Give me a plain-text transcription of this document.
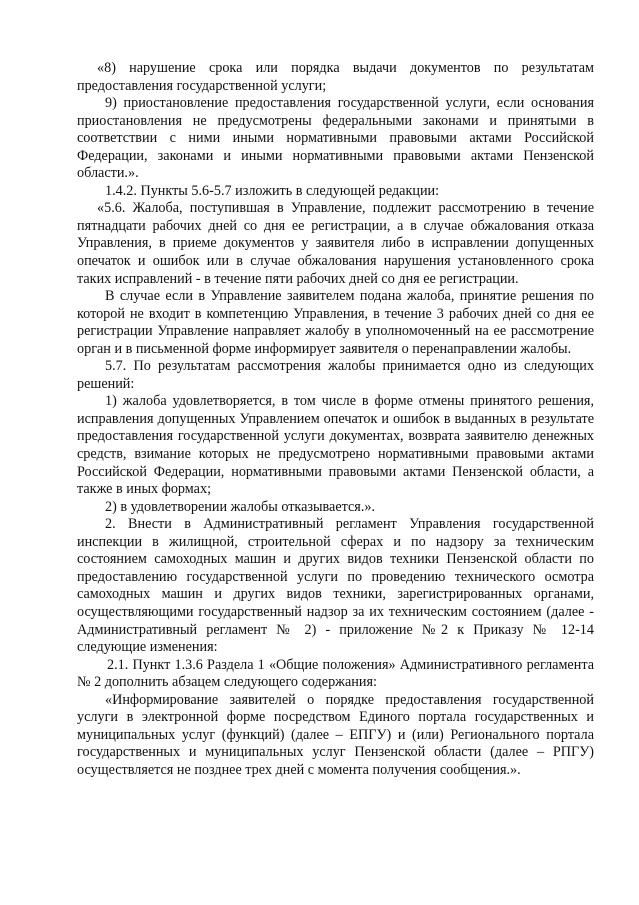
«8) нарушение срока или порядка выдачи документов по результатам предоставления государственной услуги;

9) приостановление предоставления государственной услуги, если основания приостановления не предусмотрены федеральными законами и принятыми в соответствии с ними иными нормативными правовыми актами Российской Федерации, законами и иными нормативными правовыми актами Пензенской области.».

1.4.2. Пункты 5.6-5.7 изложить в следующей редакции:

«5.6. Жалоба, поступившая в Управление, подлежит рассмотрению в течение пятнадцати рабочих дней со дня ее регистрации, а в случае обжалования отказа Управления, в приеме документов у заявителя либо в исправлении допущенных опечаток и ошибок или в случае обжалования нарушения установленного срока таких исправлений - в течение пяти рабочих дней со дня ее регистрации.

В случае если в Управление заявителем подана жалоба, принятие решения по которой не входит в компетенцию Управления, в течение 3 рабочих дней со дня ее регистрации Управление направляет жалобу в уполномоченный на ее рассмотрение орган и в письменной форме информирует заявителя о перенаправлении жалобы.

5.7. По результатам рассмотрения жалобы принимается одно из следующих решений:

1) жалоба удовлетворяется, в том числе в форме отмены принятого решения, исправления допущенных Управлением опечаток и ошибок в выданных в результате предоставления государственной услуги документах, возврата заявителю денежных средств, взимание которых не предусмотрено нормативными правовыми актами Российской Федерации, нормативными правовыми актами Пензенской области, а также в иных формах;

2) в удовлетворении жалобы отказывается.».

2. Внести в Административный регламент Управления государственной инспекции в жилищной, строительной сферах и по надзору за техническим состоянием самоходных машин и других видов техники Пензенской области по предоставлению государственной услуги по проведению технического осмотра самоходных машин и других видов техники, зарегистрированных органами, осуществляющими государственный надзор за их техническим состоянием (далее - Административный регламент № 2) - приложение №2 к Приказу № 12-14 следующие изменения:

2.1. Пункт 1.3.6 Раздела 1 «Общие положения» Административного регламента № 2 дополнить абзацем следующего содержания:

«Информирование заявителей о порядке предоставления государственной услуги в электронной форме посредством Единого портала государственных и муниципальных услуг (функций) (далее – ЕПГУ) и (или) Регионального портала государственных и муниципальных услуг Пензенской области (далее – РПГУ) осуществляется не позднее трех дней с момента получения сообщения.».
